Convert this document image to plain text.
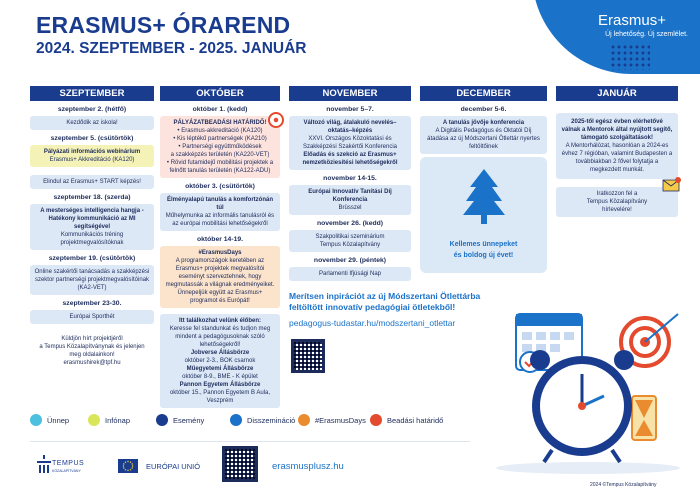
ERASMUS+ ÓRAREND
2024. SZEPTEMBER - 2025. JANUÁR
Erasmus+
Új lehetőség. Új szemlélet.
SZEPTEMBER
szeptember 2. (hétfő)
Kezdődik az iskola!
szeptember 5. (csütörtök)
Pályázati információs webinárium
Erasmus+ Akkreditáció (KA120)
Elindul az Erasmus+ START képzés!
szeptember 18. (szerda)
A mesterséges intelligencia hangja - Hatékony kommunikáció az MI segítségével
Kommunikációs tréning projektmegvalósítóknak
szeptember 19. (csütörtök)
Online szakértői tanácsadás a szakképzési szektor partnerségi projektmegvalósítóinak (KA2-VET)
szeptember 23-30.
Európai Sporthét
Küldjön hírt projektjéről
a Tempus Közalapítványnak és jelenjen meg oldalainkon!
erasmushirek@tpf.hu
OKTÓBER
október 1. (kedd)
PÁLYÁZATBEADÁSI HATÁRIDŐ!
• Erasmus-akkreditáció (KA120)
• Kis léptékű partnerségek (KA210)
• Partnerségi együttműködések
a szakképzés területén (KA220-VET)
• Rövid futamidejű mobilitási projektek a
felnőtt tanulás területén (KA122-ADU)
október 3. (csütörtök)
Élményalapú tanulás a komfortzónán túl
Műhelymunka az informális tanulásról és az európai mobilitási lehetőségekről
október 14-19.
#ErasmusDays
A programországok keretében az Erasmus+ projektek megvalósítói eseményt szerveztehnek, hogy megmutassák a világnak eredményeiket. Ünnepeljük együtt az Erasmus+ programot és Európát!
Itt találkozhat velünk élőben:
Keresse fel standunkat és tudjon meg mindent a pedagógusoknak szóló lehetőségekről!
Jobverse Állásbörze
október 2-3., BOK csarnok
Műegyetemi Állásbörze
október 8-9., BME - K épület
Pannon Egyetem Állásbörze
október 15., Pannon Egyetem B Aula, Veszprém
NOVEMBER
november 5–7.
Változó világ, átalakuló nevelés–oktatás–képzés
XXVI. Országos Közoktatási és Szakképzési Szakértői Konferencia
Előadás és szekció az Erasmus+ nemzetköziesítési lehetőségekről
november 14-15.
Európai Innovatív Tanítási Díj Konferencia
Brüsszel
november 26. (kedd)
Szakpolitikai szeminárium
Tempus Közalapítvány
november 29. (péntek)
Parlamenti Ifjúsági Nap
DECEMBER
december 5-6.
A tanulás jövője konferencia
A Digitális Pedagógus és Oktatói Díj átadása az új Módszertani Ötlettár nyertes feltöltőinek
Kellemes ünnepeket
és boldog új évet!
JANUÁR
2025-től egész évben elérhetővé válnak a Mentorok által nyújtott segítő, támogató szolgáltatások!
A Mentorhálózat, hasonlóan a 2024-es évhez 7 régióban, valamint Budapesten a továbbiakban 2 fővel folytatja a megkezdett munkát.
Iratkozzon fel a
Tempus Közalapítvány
hírlevelére!
Merítsen inpirációt az új Módszertani Ötlettárba
feltöltött innovatív pedagógiai ötletekből!
pedagogus-tudastar.hu/modszertani_otlettar
Ünnep	Infónap	Esemény	Disszemináció	#ErasmusDays	Beadási határidő
TEMPUS
KÖZALAPÍTVÁNY	EURÓPAI UNIÓ	erasmusplusz.hu
2024 ©Tempus Közalapítvány
